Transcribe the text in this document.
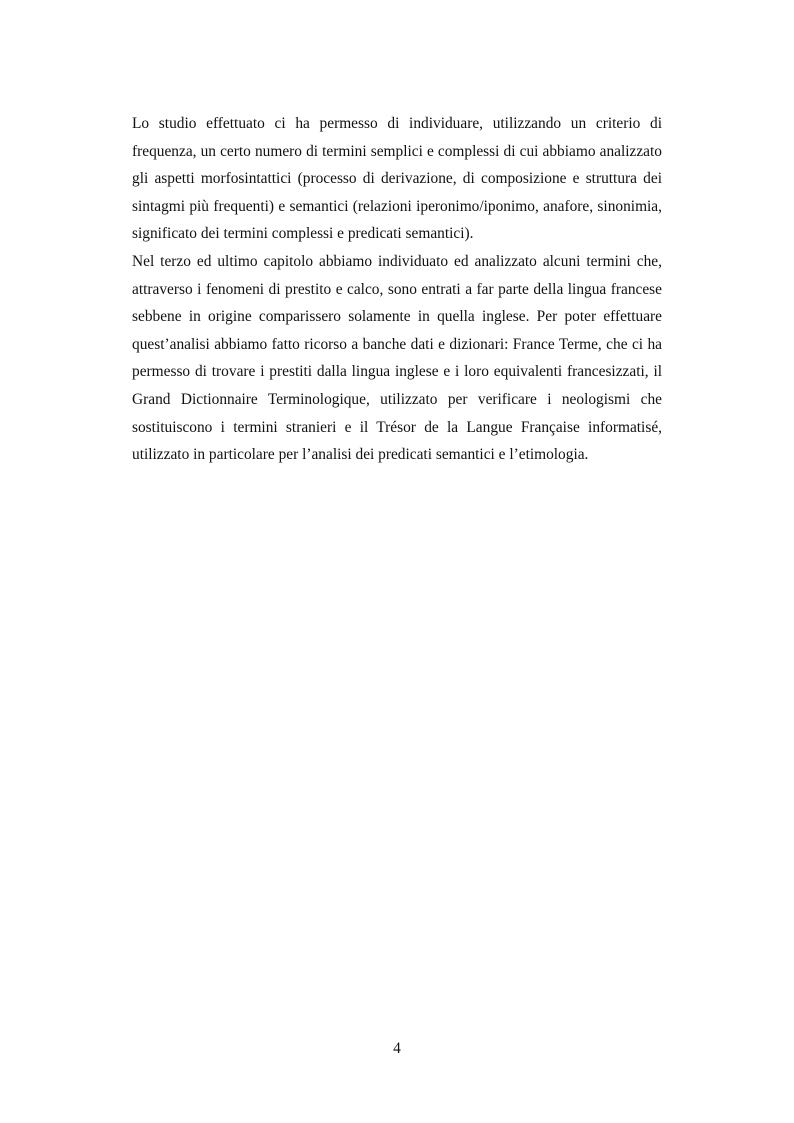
Lo studio effettuato ci ha permesso di individuare, utilizzando un criterio di
frequenza, un certo numero di termini semplici e complessi di cui abbiamo analizzato
gli aspetti morfosintattici (processo di derivazione, di composizione e struttura dei
sintagmi più frequenti) e semantici (relazioni iperonimo/iponimo, anafore, sinonimia,
significato dei termini complessi e predicati semantici).
Nel terzo ed ultimo capitolo abbiamo individuato ed analizzato alcuni termini che,
attraverso i fenomeni di prestito e calco, sono entrati a far parte della lingua francese
sebbene in origine comparissero solamente in quella inglese. Per poter effettuare
quest’analisi abbiamo fatto ricorso a banche dati e dizionari: France Terme, che ci ha
permesso di trovare i prestiti dalla lingua inglese e i loro equivalenti francesizzati, il
Grand Dictionnaire Terminologique, utilizzato per verificare i neologismi che
sostituiscono i termini stranieri e il Trésor de la Langue Française informatisé,
utilizzato in particolare per l’analisi dei predicati semantici e l’etimologia.
4
